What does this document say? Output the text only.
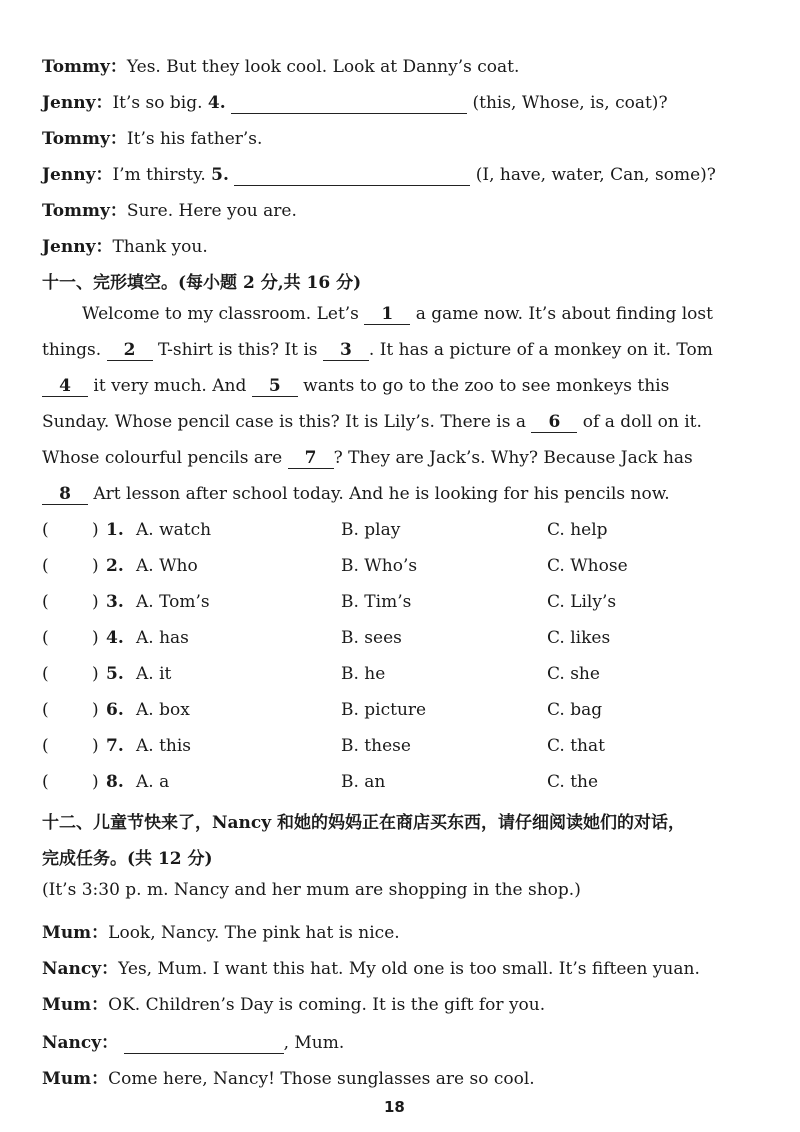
Tommy：Yes. But they look cool. Look at Danny’s coat.
Jenny：It’s so big. 4.	(this, Whose, is, coat)?
Tommy：It’s his father’s.
Jenny：I’m thirsty. 5.	(I, have, water, Can, some)?
Tommy：Sure. Here you are.
Jenny：Thank you.
十一、完形填空。(每小题 2 分,共 16 分)
Welcome to my classroom. Let’s 1 a game now. It’s about finding lost
things. 2 T-shirt is this? It is 3 . It has a picture of a monkey on it. Tom
4 it very much. And 5 wants to go to the zoo to see monkeys this
Sunday. Whose pencil case is this? It is Lily’s. There is a 6 of a doll on it.
Whose colourful pencils are 7 ? They are Jack’s. Why? Because Jack has
8 Art lesson after school today. And he is looking for his pencils now.
(	) 1. A. watch	B. play	C. help
(	) 2. A. Who	B. Who’s	C. Whose
(	) 3. A. Tom’s	B. Tim’s	C. Lily’s
(	) 4. A. has	B. sees	C. likes
(	) 5. A. it	B. he	C. she
(	) 6. A. box	B. picture	C. bag
(	) 7. A. this	B. these	C. that
(	) 8. A. a	B. an	C. the
十二、儿童节快来了，Nancy 和她的妈妈正在商店买东西，请仔细阅读她们的对话，
完成任务。(共 12 分)
(It’s 3:30 p. m. Nancy and her mum are shopping in the shop.)
Mum：Look, Nancy. The pink hat is nice.
Nancy：Yes, Mum. I want this hat. My old one is too small. It’s fifteen yuan.
Mum：OK. Children’s Day is coming. It is the gift for you.
Nancy：	, Mum.
Mum：Come here, Nancy! Those sunglasses are so cool.
18
